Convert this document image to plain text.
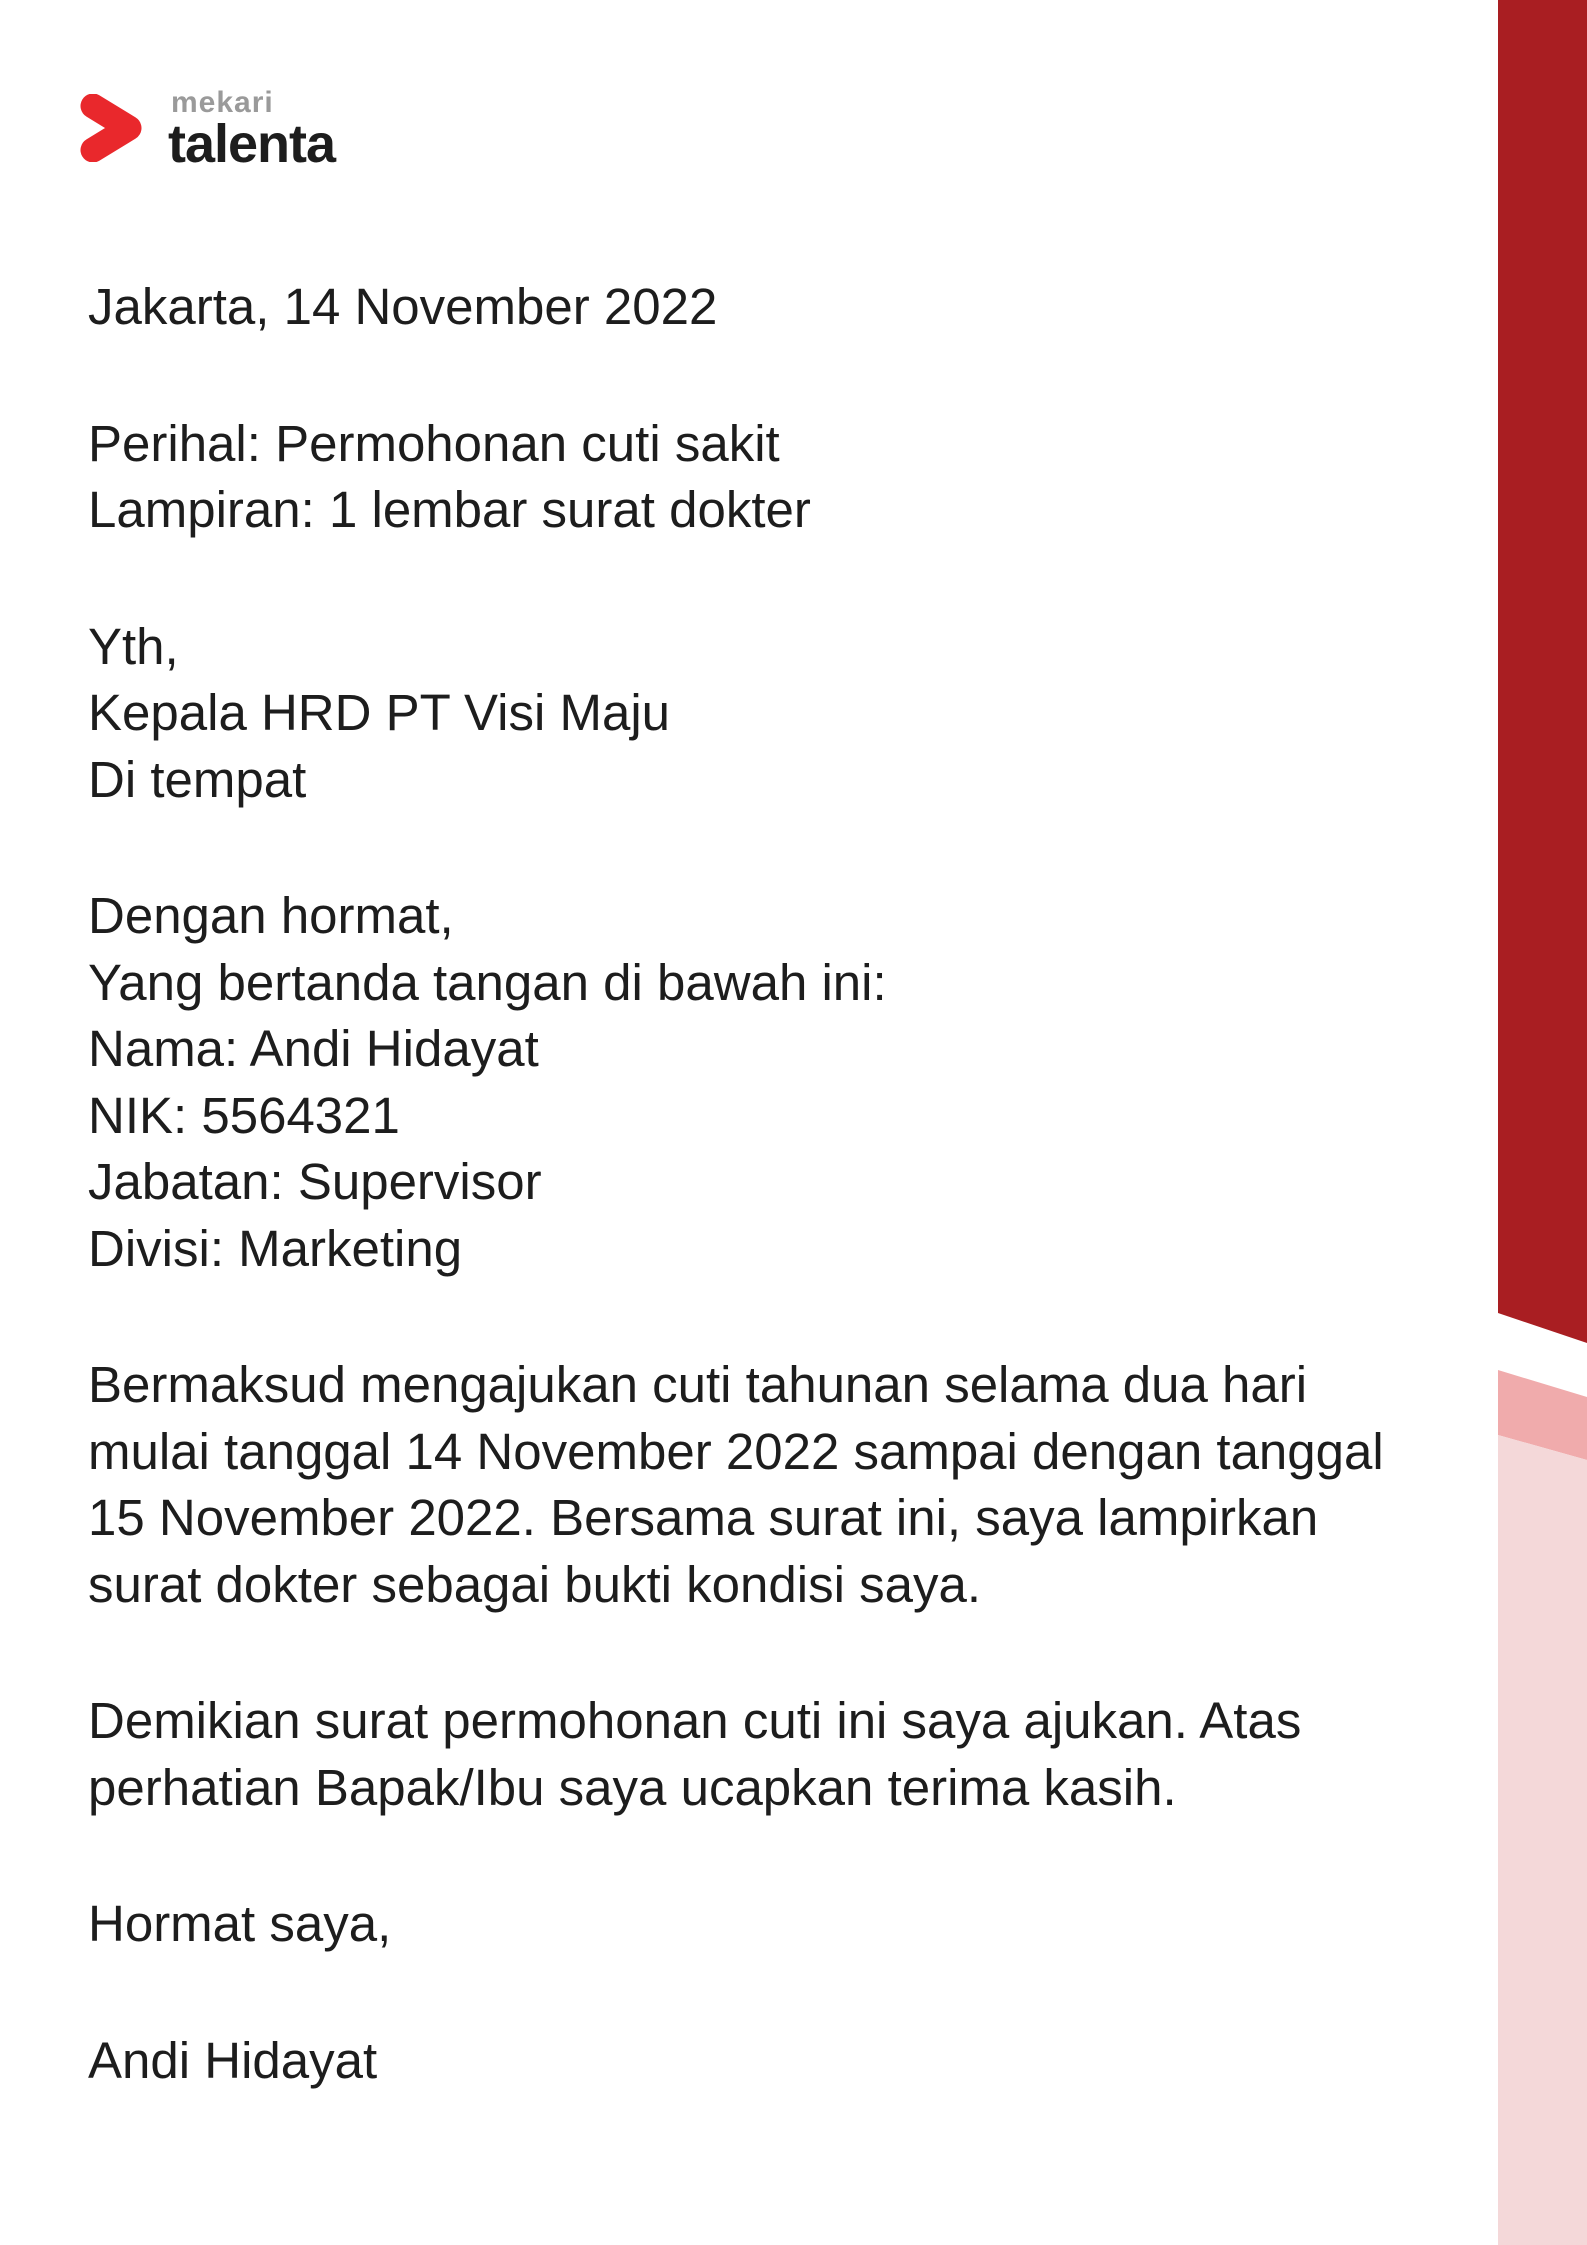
mekari
talenta

Jakarta, 14 November 2022

Perihal: Permohonan cuti sakit
Lampiran: 1 lembar surat dokter

Yth,
Kepala HRD PT Visi Maju
Di tempat

Dengan hormat,
Yang bertanda tangan di bawah ini:
Nama: Andi Hidayat
NIK: 5564321
Jabatan: Supervisor
Divisi: Marketing

Bermaksud mengajukan cuti tahunan selama dua hari
mulai tanggal 14 November 2022 sampai dengan tanggal
15 November 2022. Bersama surat ini, saya lampirkan
surat dokter sebagai bukti kondisi saya.

Demikian surat permohonan cuti ini saya ajukan. Atas
perhatian Bapak/Ibu saya ucapkan terima kasih.

Hormat saya,

Andi Hidayat
